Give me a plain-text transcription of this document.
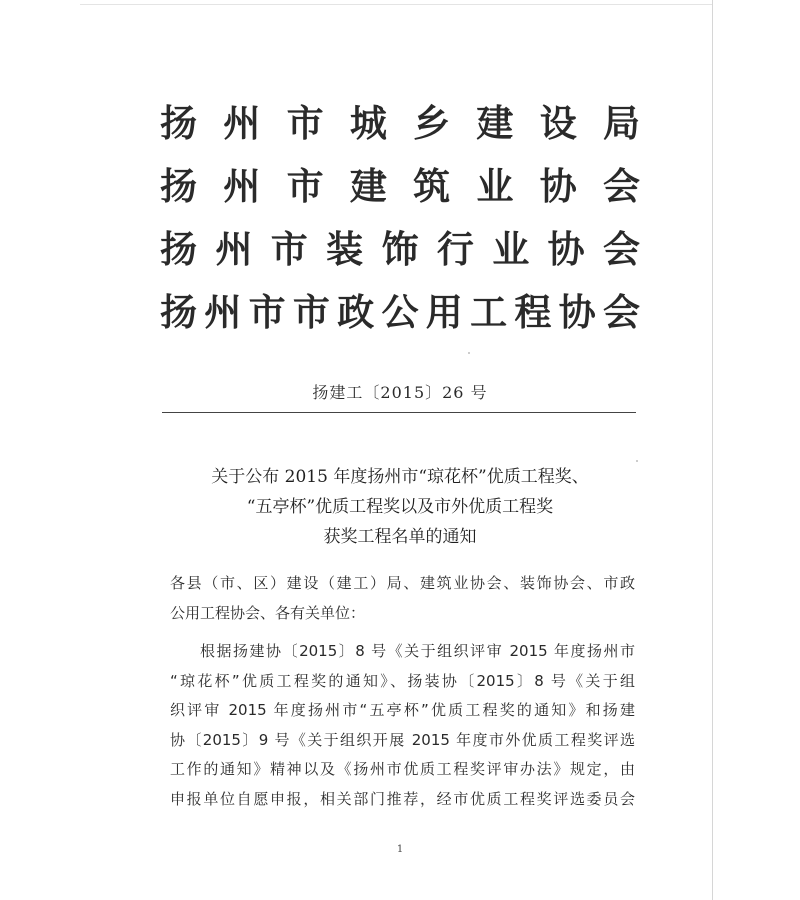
扬州市城乡建设局
扬州市建筑业协会
扬州市装饰行业协会
扬州市市政公用工程协会
扬建工〔2015〕26 号
关于公布 2015 年度扬州市“琼花杯”优质工程奖、
“五亭杯”优质工程奖以及市外优质工程奖
获奖工程名单的通知
各县（市、区）建设（建工）局、建筑业协会、装饰协会、市政
公用工程协会、各有关单位：
根据扬建协〔2015〕8 号《关于组织评审 2015 年度扬州市
“琼花杯”优质工程奖的通知》、扬装协〔2015〕8 号《关于组
织评审 2015 年度扬州市“五亭杯”优质工程奖的通知》和扬建
协〔2015〕9 号《关于组织开展 2015 年度市外优质工程奖评选
工作的通知》精神以及《扬州市优质工程奖评审办法》规定，由
申报单位自愿申报，相关部门推荐，经市优质工程奖评选委员会
1
